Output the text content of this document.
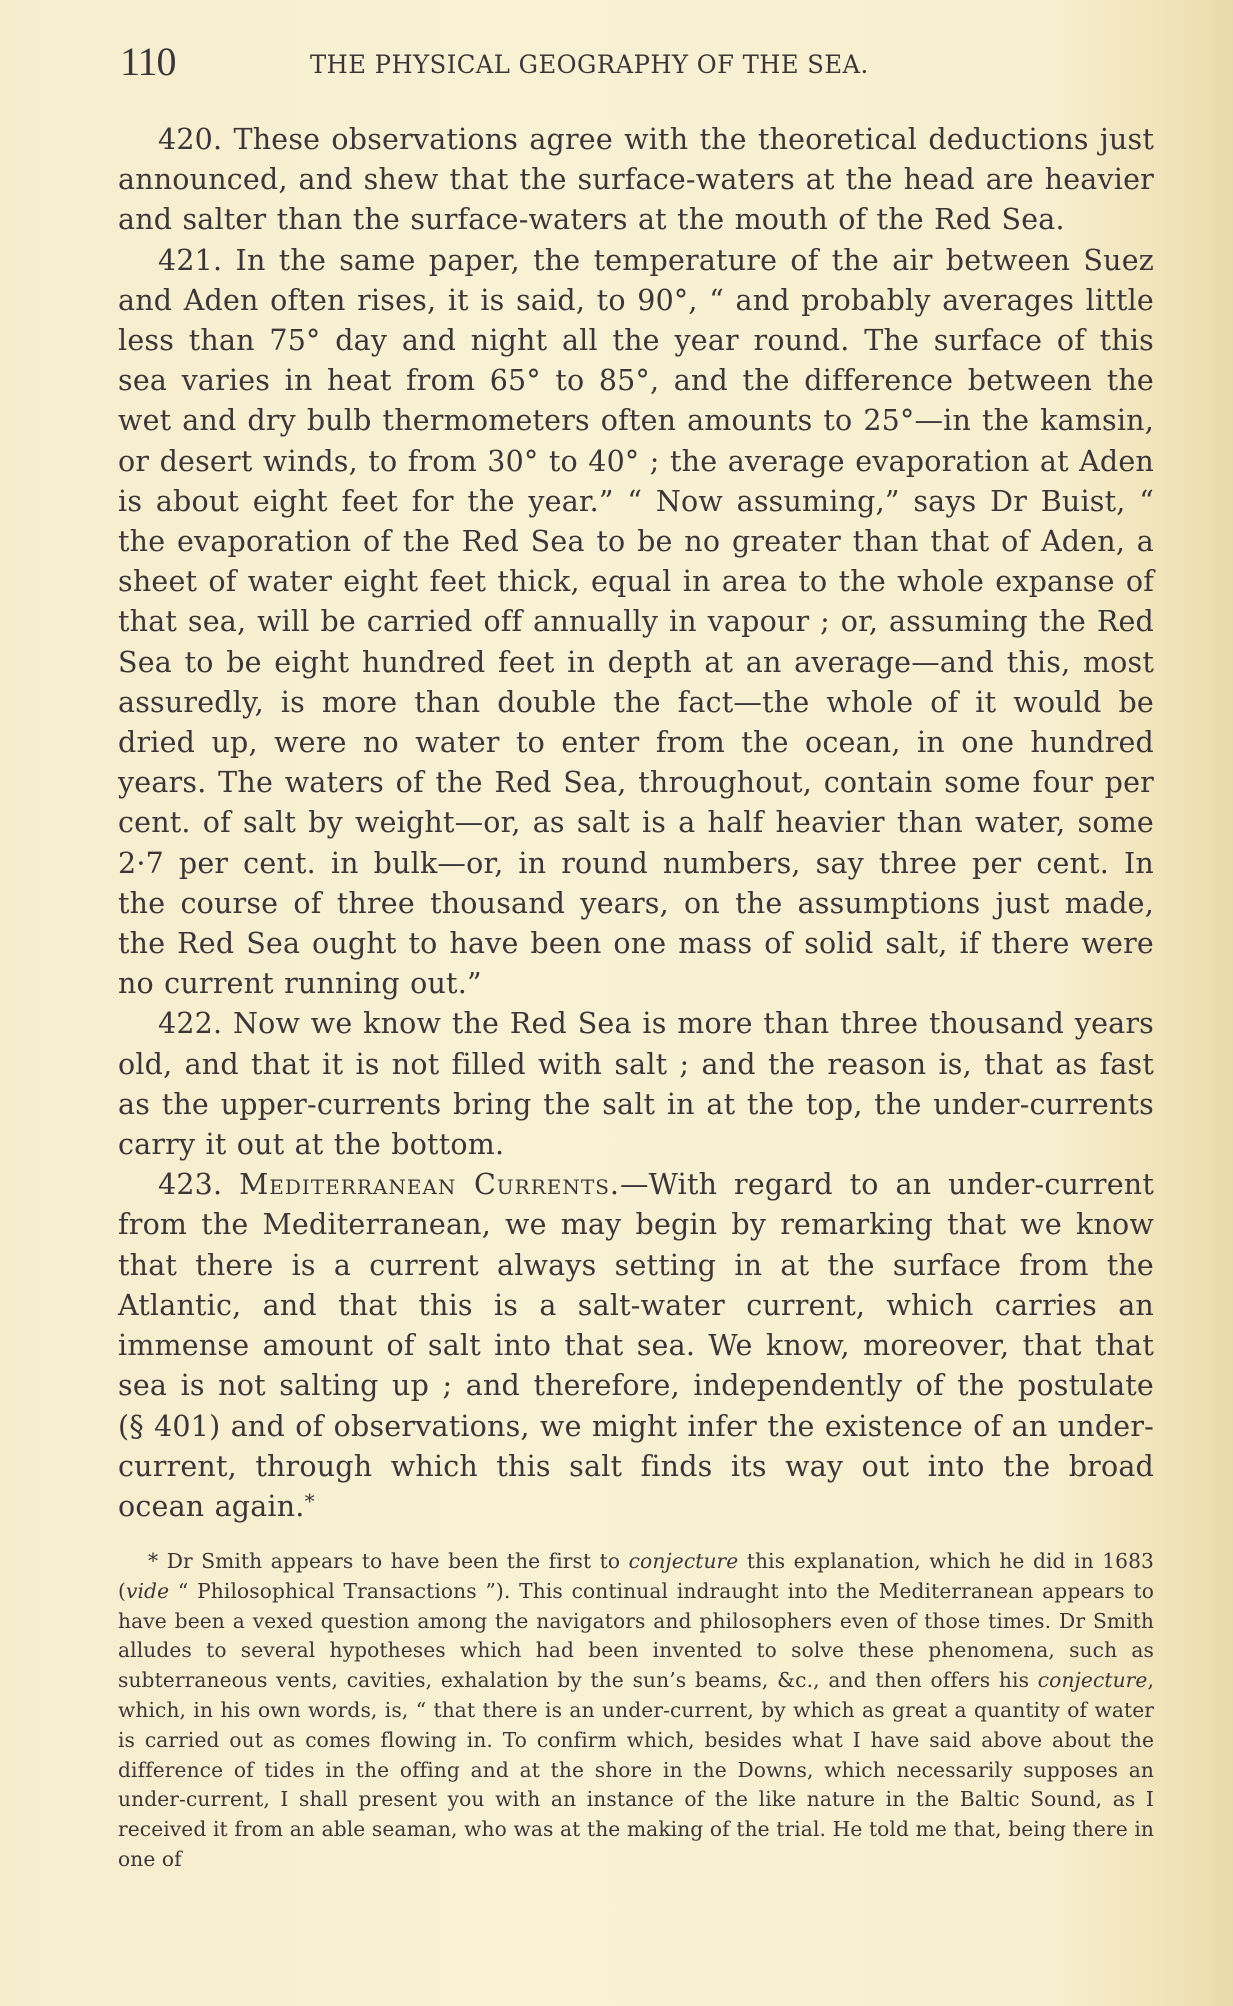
110	THE PHYSICAL GEOGRAPHY OF THE SEA.

420. These observations agree with the theoretical deductions just announced, and shew that the surface-waters at the head are heavier and salter than the surface-waters at the mouth of the Red Sea.

421. In the same paper, the temperature of the air between Suez and Aden often rises, it is said, to 90°, “ and probably averages little less than 75° day and night all the year round. The surface of this sea varies in heat from 65° to 85°, and the difference between the wet and dry bulb thermometers often amounts to 25°—in the kamsin, or desert winds, to from 30° to 40° ; the average evaporation at Aden is about eight feet for the year.” “ Now assuming,” says Dr Buist, “ the evaporation of the Red Sea to be no greater than that of Aden, a sheet of water eight feet thick, equal in area to the whole expanse of that sea, will be carried off annually in vapour ; or, assuming the Red Sea to be eight hundred feet in depth at an average—and this, most assuredly, is more than double the fact—the whole of it would be dried up, were no water to enter from the ocean, in one hundred years. The waters of the Red Sea, throughout, contain some four per cent. of salt by weight—or, as salt is a half heavier than water, some 2·7 per cent. in bulk—or, in round numbers, say three per cent. In the course of three thousand years, on the assumptions just made, the Red Sea ought to have been one mass of solid salt, if there were no current running out.”

422. Now we know the Red Sea is more than three thousand years old, and that it is not filled with salt ; and the reason is, that as fast as the upper-currents bring the salt in at the top, the under-currents carry it out at the bottom.

423. Mediterranean Currents.—With regard to an under-current from the Mediterranean, we may begin by remarking that we know that there is a current always setting in at the surface from the Atlantic, and that this is a salt-water current, which carries an immense amount of salt into that sea. We know, moreover, that that sea is not salting up ; and therefore, independently of the postulate (§ 401) and of observations, we might infer the existence of an under-current, through which this salt finds its way out into the broad ocean again.*

* Dr Smith appears to have been the first to conjecture this explanation, which he did in 1683 (vide “ Philosophical Transactions ”). This continual indraught into the Mediterranean appears to have been a vexed question among the navigators and philosophers even of those times. Dr Smith alludes to several hypotheses which had been invented to solve these phenomena, such as subterraneous vents, cavities, exhalation by the sun’s beams, &c., and then offers his conjecture, which, in his own words, is, “ that there is an under-current, by which as great a quantity of water is carried out as comes flowing in. To confirm which, besides what I have said above about the difference of tides in the offing and at the shore in the Downs, which necessarily supposes an under-current, I shall present you with an instance of the like nature in the Baltic Sound, as I received it from an able seaman, who was at the making of the trial. He told me that, being there in one of
